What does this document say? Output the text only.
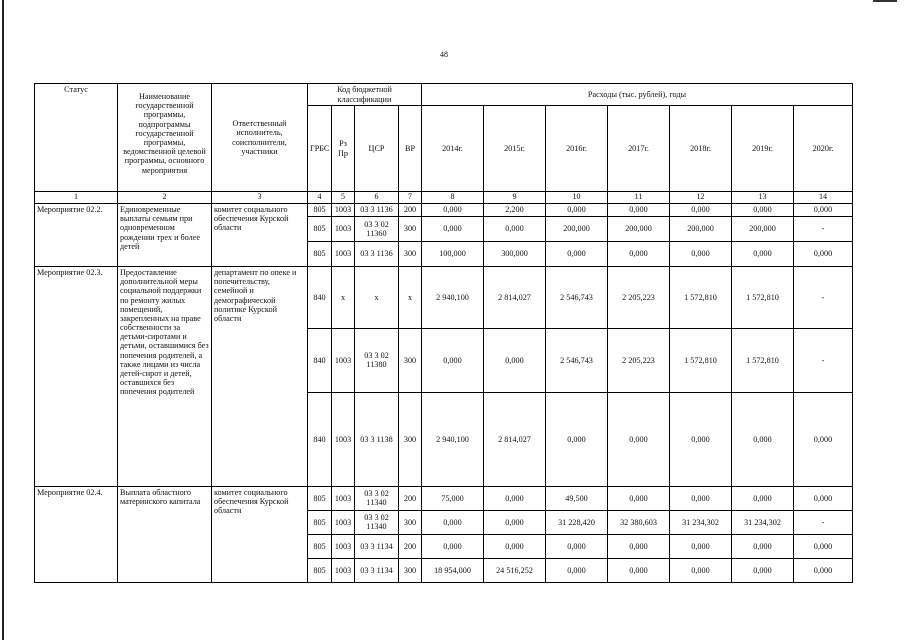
48
Статус	Наименование государственной программы, подпрограммы государственной программы, ведомственной целевой программы, основного мероприятия	Ответственный исполнитель, соисполнители, участники	Код бюджетной классификации				Расходы (тыс. рублей), годы						
			ГРБС	Рз Пр	ЦСР	ВР	2014г.	2015г.	2016г.	2017г.	2018г.	2019г.	2020г.
1	2	3	4	5	6	7	8	9	10	11	12	13	14
Мероприятие 02.2.	Единовременные выплаты семьям при одновременном рождении трех и более детей	комитет социального обеспечения Курской области	805	1003	03 3 1136	200	0,000	2,200	0,000	0,000	0,000	0,000	0,000
			805	1003	03 3 02 11360	300	0,000	0,000	200,000	200,000	200,000	200,000	-
			805	1003	03 3 1136	300	100,000	300,000	0,000	0,000	0,000	0,000	0,000
Мероприятие 02.3.	Предоставление дополнительной меры социальной поддержки по ремонту жилых помещений, закрепленных на праве собственности за детьми-сиротами и детьми, оставшимися без попечения родителей, а также лицами из числа детей-сирот и детей, оставшихся без попечения родителей	департамент по опеке и попечительству, семейной и демографической политике Курской области	840	х	х	х	2 940,100	2 814,027	2 546,743	2 205,223	1 572,810	1 572,810	-
			840	1003	03 3 02 11380	300	0,000	0,000	2 546,743	2 205,223	1 572,810	1 572,810	-
			840	1003	03 3 1138	300	2 940,100	2 814,027	0,000	0,000	0,000	0,000	0,000
Мероприятие 02.4.	Выплата областного материнского капитала	комитет социального обеспечения Курской области	805	1003	03 3 02 11340	200	75,000	0,000	49,500	0,000	0,000	0,000	0,000
			805	1003	03 3 02 11340	300	0,000	0,000	31 228,420	32 380,603	31 234,302	31 234,302	-
			805	1003	03 3 1134	200	0,000	0,000	0,000	0,000	0,000	0,000	0,000
			805	1003	03 3 1134	300	18 954,000	24 516,252	0,000	0,000	0,000	0,000	0,000
